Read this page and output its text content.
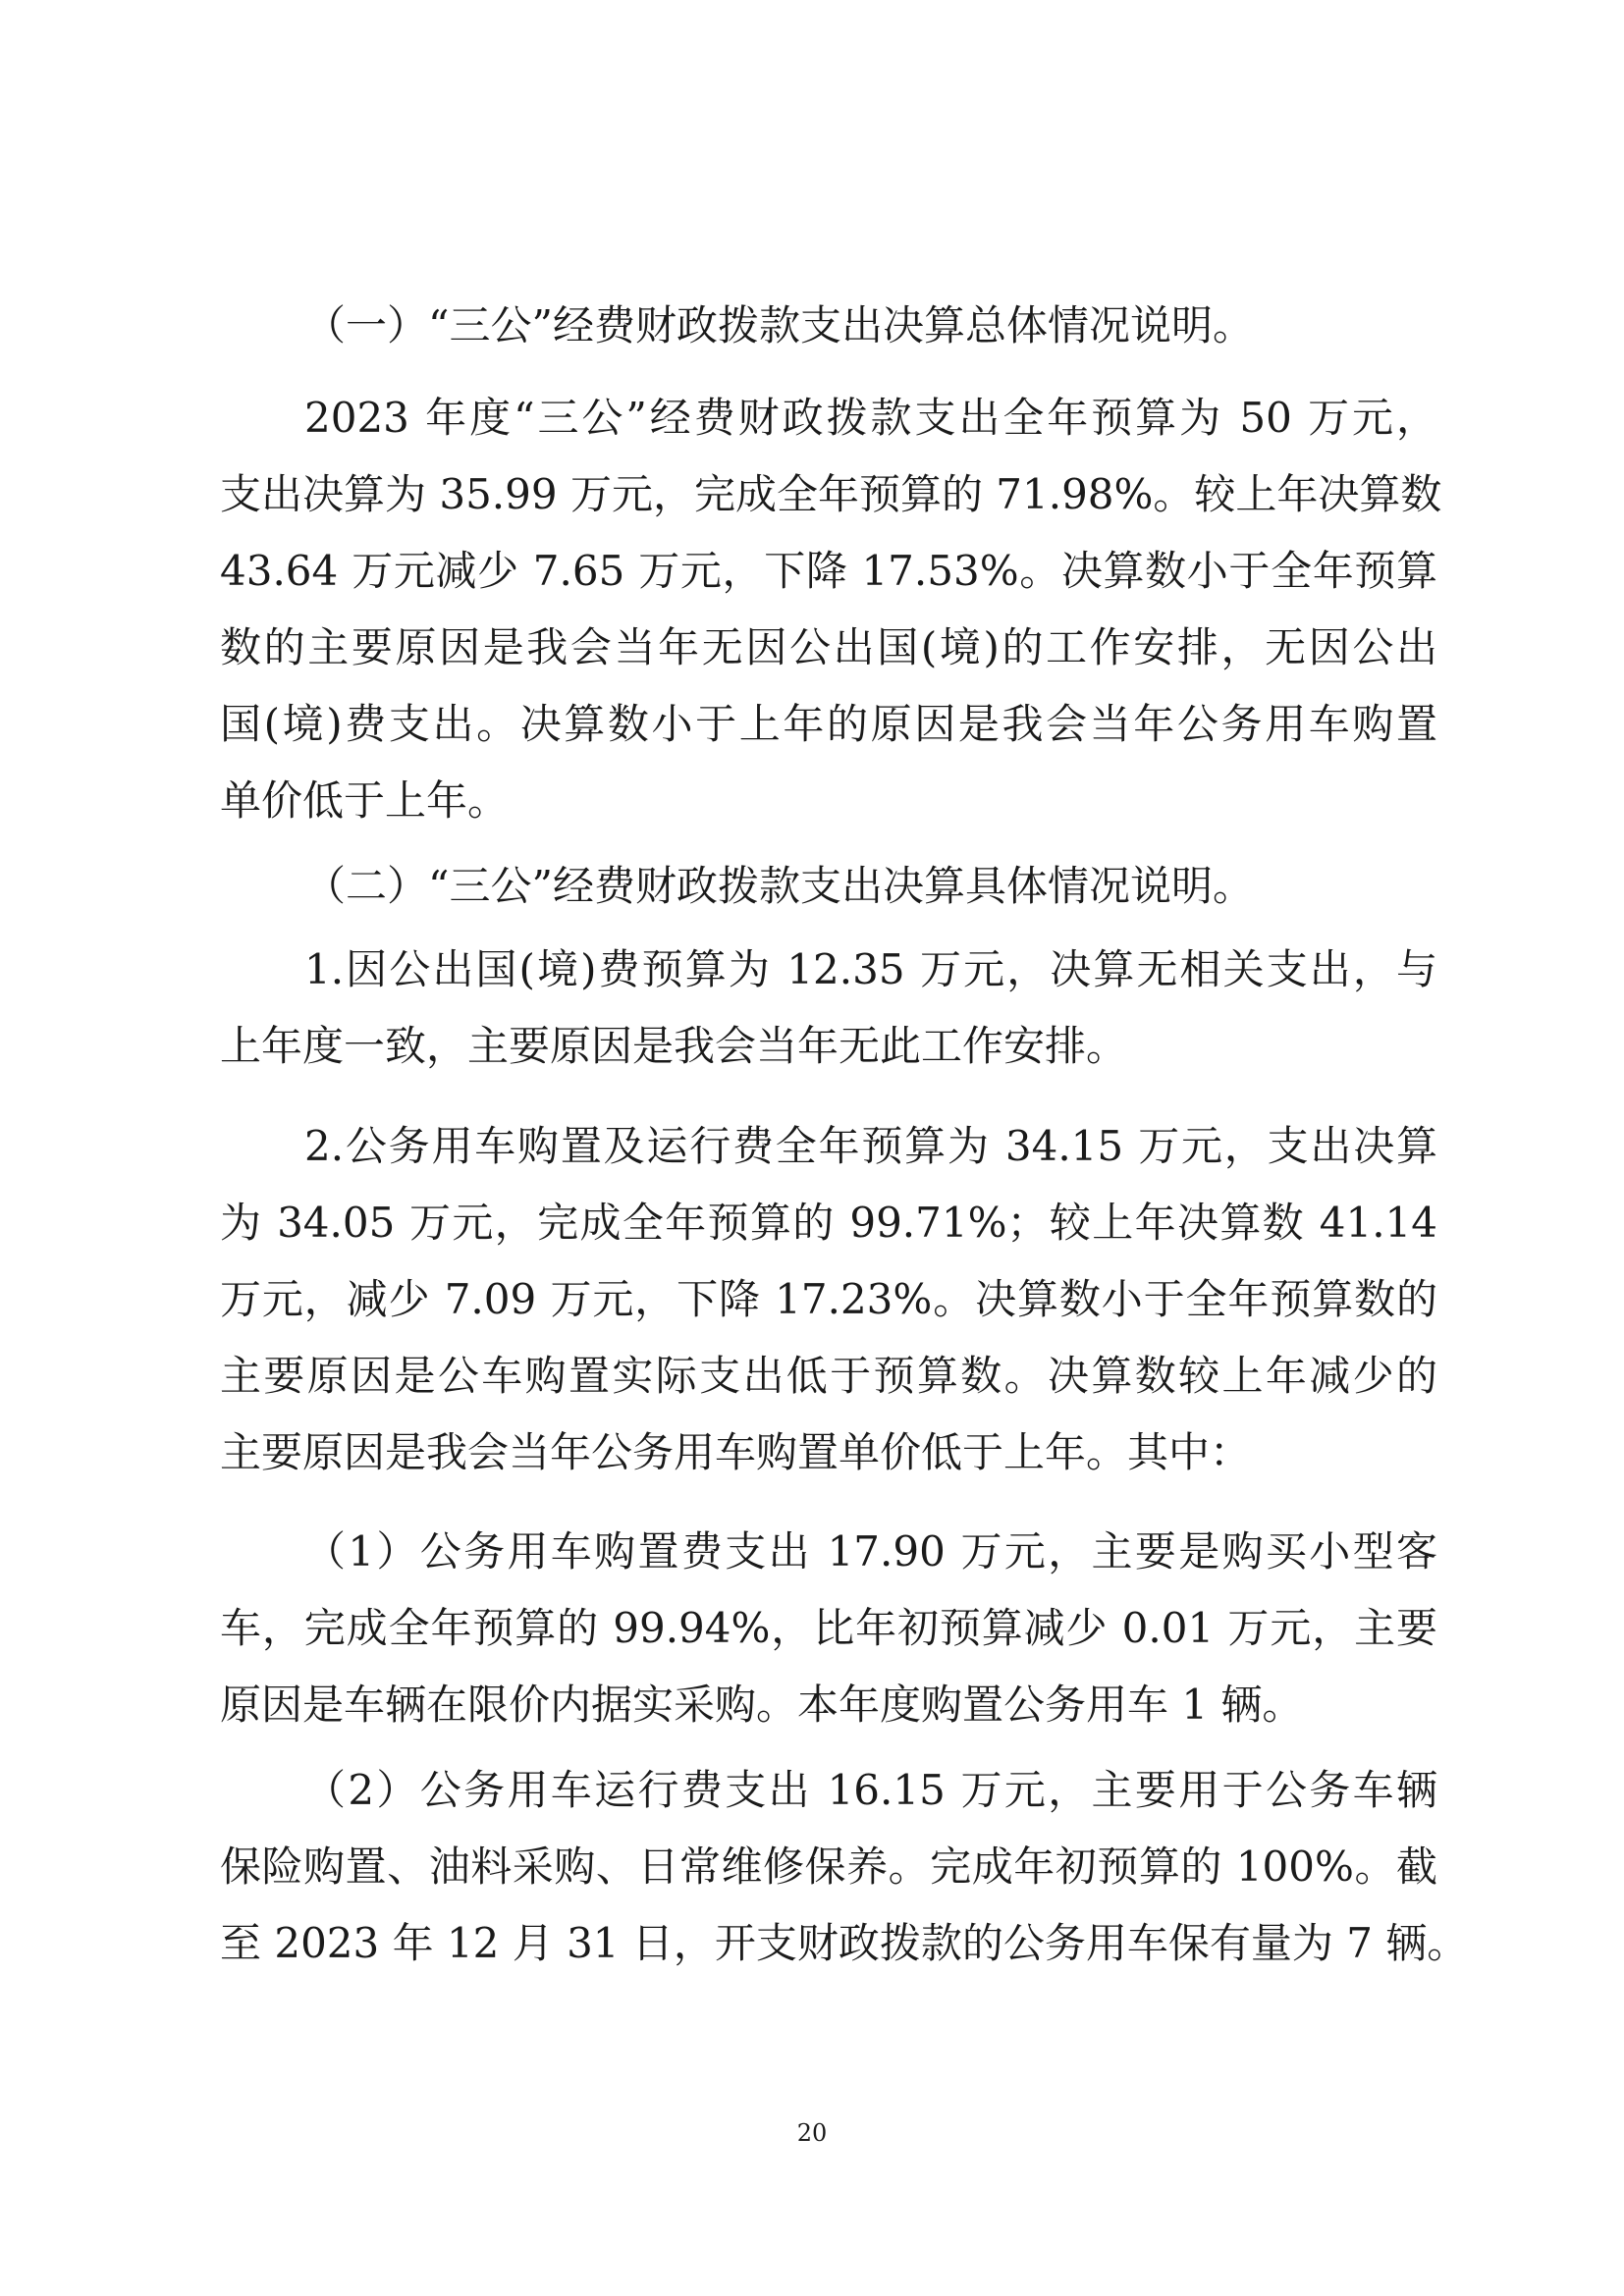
（一）“三公”经费财政拨款支出决算总体情况说明。
2023 年度“三公”经费财政拨款支出全年预算为 50 万元，
支出决算为 35.99 万元，完成全年预算的 71.98%。较上年决算数
43.64 万元减少 7.65 万元，下降 17.53%。决算数小于全年预算
数的主要原因是我会当年无因公出国(境)的工作安排，无因公出
国(境)费支出。决算数小于上年的原因是我会当年公务用车购置
单价低于上年。
（二）“三公”经费财政拨款支出决算具体情况说明。
1.因公出国(境)费预算为 12.35 万元，决算无相关支出，与
上年度一致，主要原因是我会当年无此工作安排。
2.公务用车购置及运行费全年预算为 34.15 万元，支出决算
为 34.05 万元，完成全年预算的 99.71%；较上年决算数 41.14
万元，减少 7.09 万元，下降 17.23%。决算数小于全年预算数的
主要原因是公车购置实际支出低于预算数。决算数较上年减少的
主要原因是我会当年公务用车购置单价低于上年。其中：
（1）公务用车购置费支出 17.90 万元，主要是购买小型客
车，完成全年预算的 99.94%，比年初预算减少 0.01 万元，主要
原因是车辆在限价内据实采购。本年度购置公务用车 1 辆。
（2）公务用车运行费支出 16.15 万元，主要用于公务车辆
保险购置、油料采购、日常维修保养。完成年初预算的 100%。截
至 2023 年 12 月 31 日，开支财政拨款的公务用车保有量为 7 辆。
20
